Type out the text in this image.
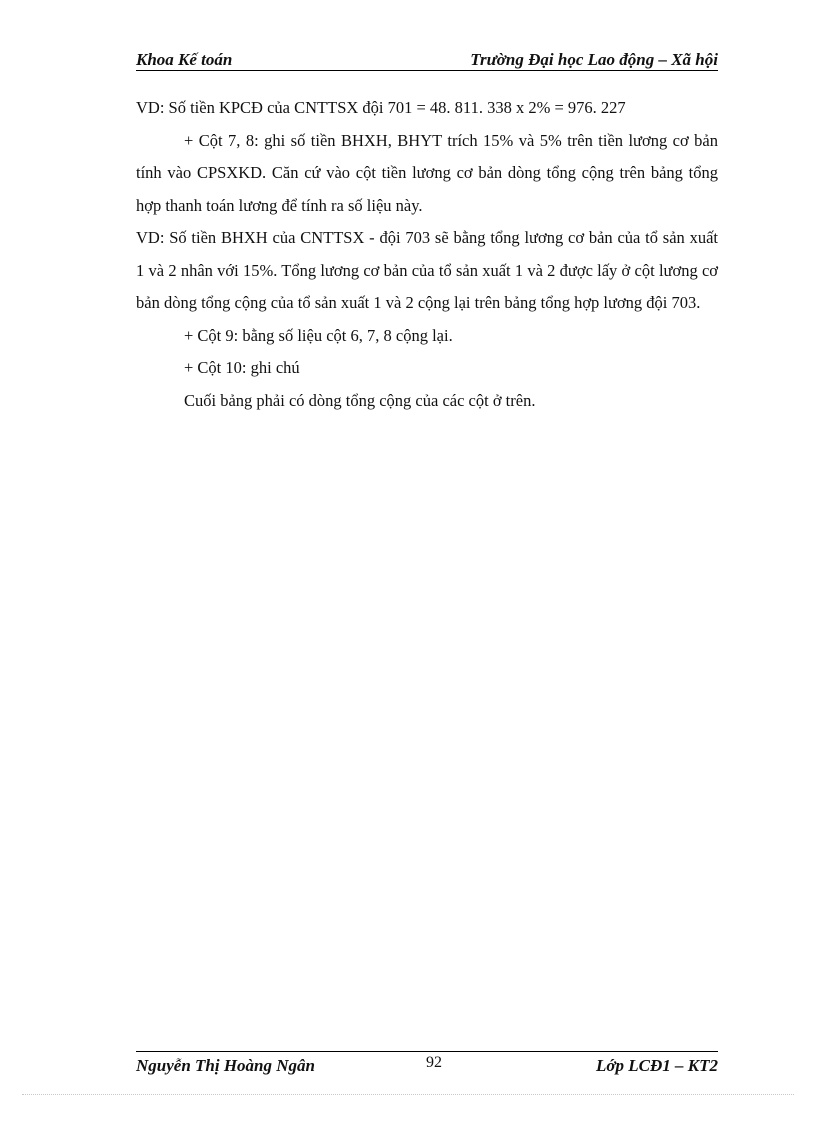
Khoa Kế toán	Trường Đại học Lao động – Xã hội

VD: Số tiền KPCĐ của CNTTSX đội 701 = 48. 811. 338 x 2% = 976. 227

+ Cột 7, 8: ghi số tiền BHXH, BHYT trích 15% và 5% trên tiền lương cơ bản tính vào CPSXKD. Căn cứ vào cột tiền lương cơ bản dòng tổng cộng trên bảng tổng hợp thanh toán lương để tính ra số liệu này.

VD: Số tiền BHXH của CNTTSX - đội 703 sẽ bằng tổng lương cơ bản của tổ sản xuất 1 và 2 nhân với 15%. Tổng lương cơ bản của tổ sản xuất 1 và 2 được lấy ở cột lương cơ bản dòng tổng cộng của tổ sản xuất 1 và 2 cộng lại trên bảng tổng hợp lương đội 703.

+ Cột 9: bằng số liệu cột 6, 7, 8 cộng lại.

+ Cột 10: ghi chú

Cuối bảng phải có dòng tổng cộng của các cột ở trên.

Nguyễn Thị Hoàng Ngân	92	Lớp LCĐ1 – KT2
